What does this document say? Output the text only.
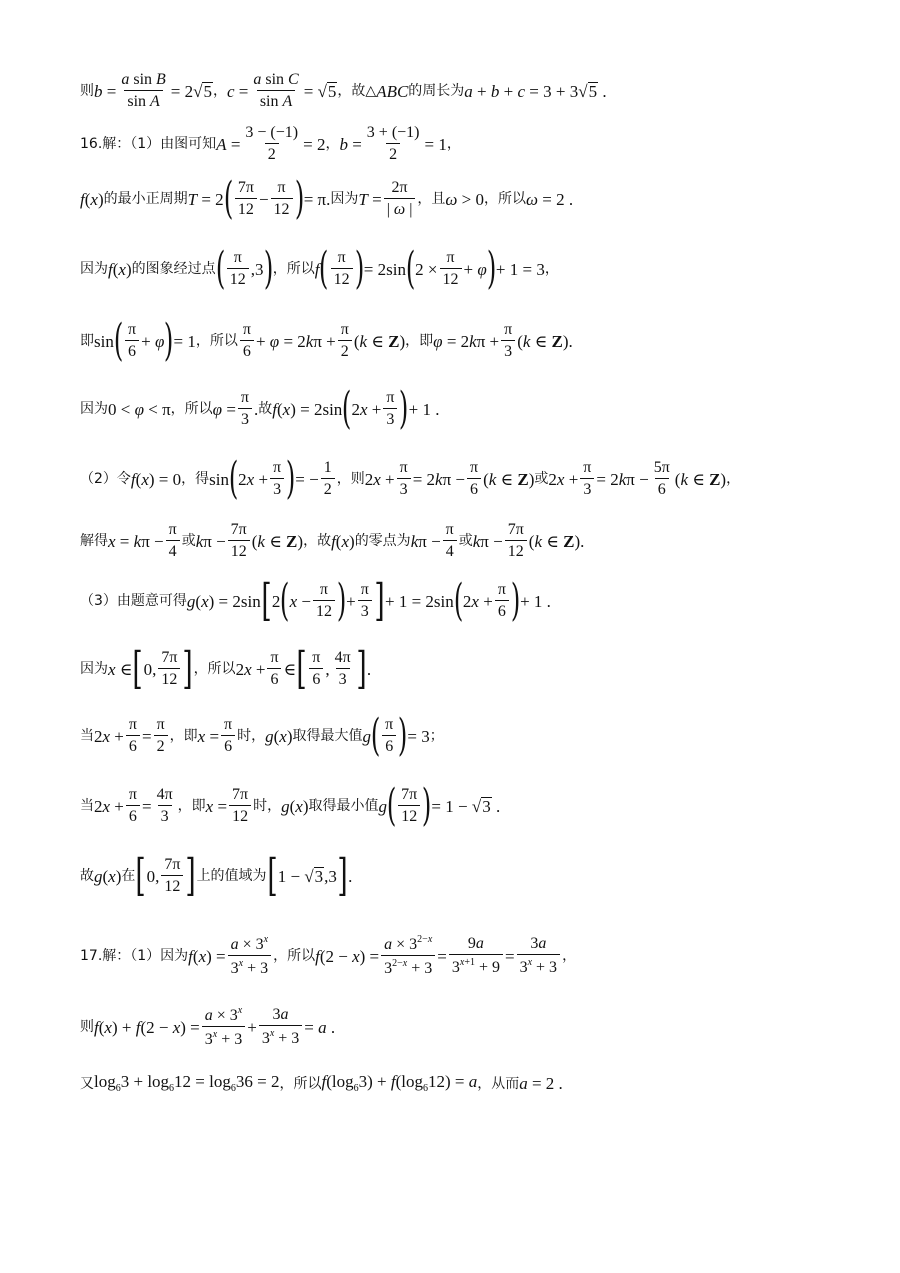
则 $b = \frac{\text{a sin B}}{\text{sin A}} = 2√$ 5 ， $c = \frac{\text{a sin C}}{\text{sin A}}$ = √ 5 ，故△ ABC 的周长为 a + b + c = 3 + 3√ 5 .
16.解：（1）由图可知 $A = \frac{3 - (-1)}{2} = 2$ ， $b = \frac{3 + (-1)}{2} = 1$ ，
f(x) 的最小正周期 T = 2 ( $\frac{7\pi}{12} - \frac{\pi}{12}$ ) = π. 因为 $T = \frac{2\pi}{| \omega |}$ ，且 ω > 0 ，所以 ω = 2 .
因为 f(x) 的图象经过点 ( $\frac{\pi}{12} ,3$ ) ，所以 f ( $\frac{\pi}{12}$ ) = 2sin ( $2 \times \frac{\pi}{12} + \varphi$ ) + 1 = 3 ，
即 sin ( $\frac{\pi}{6} + \varphi$ ) = 1 ，所以 $\frac{\pi}{6} + \varphi = 2k\pi + \frac{\pi}{2} (k$ ∈ Z) ，即 $\varphi = 2k\pi + \frac{\pi}{3} (k$ ∈ Z).
因为 0 < φ < π ，所以 $\varphi = \frac{\pi}{3}$ . 故 f(x) = 2sin ( $2x + \frac{\pi}{3}$ ) + 1 .
（2）令 f(x) = 0 ，得 sin ( $2x + \frac{\pi}{3}$ ) = − $\frac{1}{2}$ ，则 $2x + \frac{\pi}{3} = 2k\pi - \frac{\pi}{6} (k$ ∈ Z) 或 $2x + \frac{\pi}{3} = 2k\pi - \frac{5\pi}{6} (k$ ∈ Z) ，
解得 $x = k\pi - \frac{\pi}{4}$ 或 $k\pi - \frac{7\pi}{12} (k$ ∈ Z) ， 故 f(x) 的零点为 $k\pi - \frac{\pi}{4}$ 或 $k\pi - \frac{7\pi}{12} (k$ ∈ Z).
（3）由题意可得 g(x) = 2sin [ 2 ( $x - \frac{\pi}{12}$ ) + $\frac{\pi}{3}$ ] + 1 = 2sin ( $2x + \frac{\pi}{6}$ ) + 1 .
因为 x ∈ [ 0, $\frac{7\pi}{12}$ ] ，所以 $2x + \frac{\pi}{6}$ ∈ [ $\frac{\pi}{6}$ , $\frac{4\pi}{3}$ ] .
当 $2x + \frac{\pi}{6} = \frac{\pi}{2}$ ，即 $x = \frac{\pi}{6}$ 时， g(x) 取得最大值 g ( $\frac{\pi}{6}$ ) = 3 ；
当 $2x + \frac{\pi}{6} = \frac{4\pi}{3}$ ，即 $x = \frac{7\pi}{12}$ 时， g(x) 取得最小值 g ( $\frac{7\pi}{12}$ ) = 1 − √ 3 .
故 g(x) 在 [ 0, $\frac{7\pi}{12}$ ] 上的值域为 [ 1 − √ 3 ,3 ] .
17.解：（1）因为 $f(x) = \frac{a \times 3^x}{3^x + 3}$ ，所以 $f(2 - x) = \frac{a \times 3^{2-x}}{3^{2-x} + 3} = \frac{9a}{3^{x+1} + 9} = \frac{3a}{3^x + 3}$ ，
则 $f(x) + f(2 - x) = \frac{a \times 3^x}{3^x + 3} + \frac{3a}{3^x + 3} = a$ .
又 $\log_63 + \log_612 = \log_636 = 2$ ，所以 $f(\log_63) + f(\log_612) = a$ ，从而 a = 2 .
